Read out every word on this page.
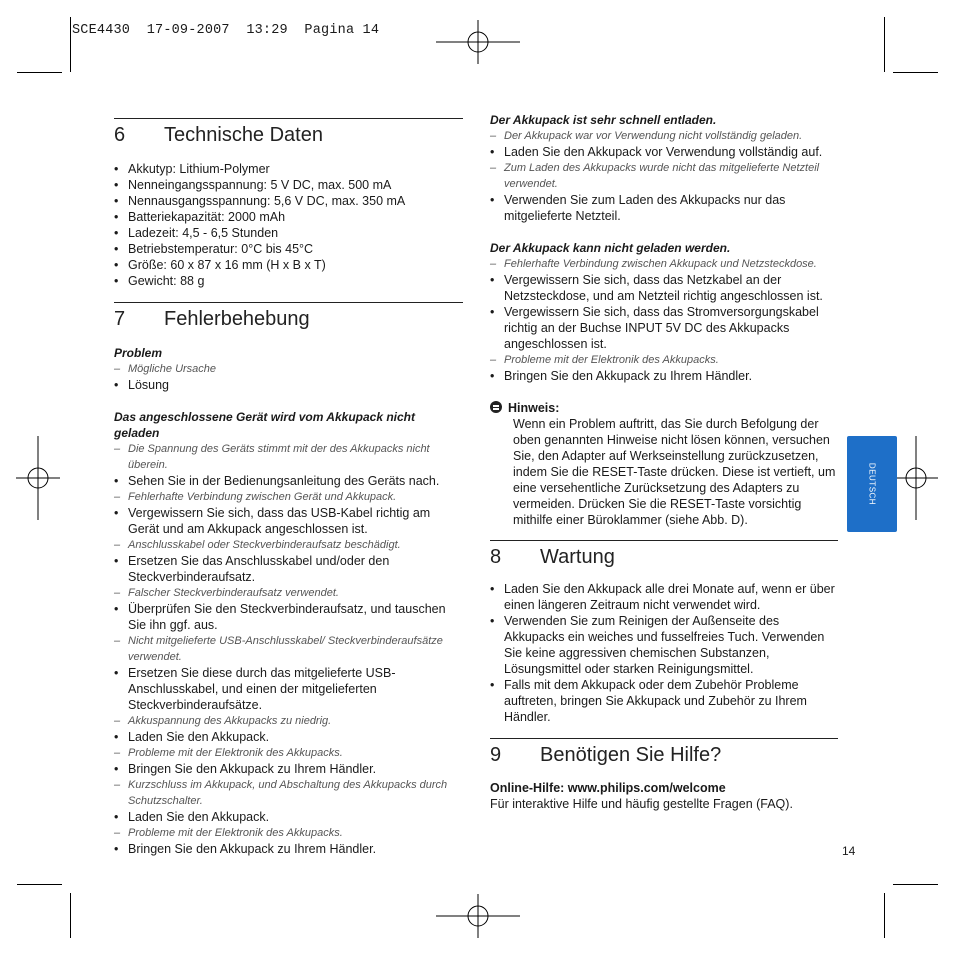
SCE4430  17-09-2007  13:29  Pagina 14
6	Technische Daten
• Akkutyp: Lithium-Polymer
• Nenneingangsspannung: 5 V DC, max. 500 mA
• Nennausgangsspannung: 5,6 V DC, max. 350 mA
• Batteriekapazität: 2000 mAh
• Ladezeit: 4,5 - 6,5 Stunden
• Betriebstemperatur: 0°C bis 45°C
• Größe: 60 x 87 x 16 mm (H x B x T)
• Gewicht: 88 g
7	Fehlerbehebung
Problem
– Mögliche Ursache
• Lösung
Das angeschlossene Gerät wird vom Akkupack nicht geladen
– Die Spannung des Geräts stimmt mit der des Akkupacks nicht überein.
• Sehen Sie in der Bedienungsanleitung des Geräts nach.
– Fehlerhafte Verbindung zwischen Gerät und Akkupack.
• Vergewissern Sie sich, dass das USB-Kabel richtig am Gerät und am Akkupack angeschlossen ist.
– Anschlusskabel oder Steckverbinderaufsatz beschädigt.
• Ersetzen Sie das Anschlusskabel und/oder den Steckverbinderaufsatz.
– Falscher Steckverbinderaufsatz verwendet.
• Überprüfen Sie den Steckverbinderaufsatz, und tauschen Sie ihn ggf. aus.
– Nicht mitgelieferte USB-Anschlusskabel/ Steckverbinderaufsätze verwendet.
• Ersetzen Sie diese durch das mitgelieferte USB-Anschlusskabel, und einen der mitgelieferten Steckverbinderaufsätze.
– Akkuspannung des Akkupacks zu niedrig.
• Laden Sie den Akkupack.
– Probleme mit der Elektronik des Akkupacks.
• Bringen Sie den Akkupack zu Ihrem Händler.
– Kurzschluss im Akkupack, und Abschaltung des Akkupacks durch Schutzschalter.
• Laden Sie den Akkupack.
– Probleme mit der Elektronik des Akkupacks.
• Bringen Sie den Akkupack zu Ihrem Händler.
Der Akkupack ist sehr schnell entladen.
– Der Akkupack war vor Verwendung nicht vollständig geladen.
• Laden Sie den Akkupack vor Verwendung vollständig auf.
– Zum Laden des Akkupacks wurde nicht das mitgelieferte Netzteil verwendet.
• Verwenden Sie zum Laden des Akkupacks nur das mitgelieferte Netzteil.
Der Akkupack kann nicht geladen werden.
– Fehlerhafte Verbindung zwischen Akkupack und Netzsteckdose.
• Vergewissern Sie sich, dass das Netzkabel an der Netzsteckdose, und am Netzteil richtig angeschlossen ist.
• Vergewissern Sie sich, dass das Stromversorgungskabel richtig an der Buchse INPUT 5V DC des Akkupacks angeschlossen ist.
– Probleme mit der Elektronik des Akkupacks.
• Bringen Sie den Akkupack zu Ihrem Händler.
Hinweis:
Wenn ein Problem auftritt, das Sie durch Befolgung der oben genannten Hinweise nicht lösen können, versuchen Sie, den Adapter auf Werkseinstellung zurückzusetzen, indem Sie die RESET-Taste drücken. Diese ist vertieft, um eine versehentliche Zurücksetzung des Adapters zu vermeiden. Drücken Sie die RESET-Taste vorsichtig mithilfe einer Büroklammer (siehe Abb. D).
8	Wartung
• Laden Sie den Akkupack alle drei Monate auf, wenn er über einen längeren Zeitraum nicht verwendet wird.
• Verwenden Sie zum Reinigen der Außenseite des Akkupacks ein weiches und fusselfreies Tuch. Verwenden Sie keine aggressiven chemischen Substanzen, Lösungsmittel oder starken Reinigungsmittel.
• Falls mit dem Akkupack oder dem Zubehör Probleme auftreten, bringen Sie Akkupack und Zubehör zu Ihrem Händler.
9	Benötigen Sie Hilfe?
Online-Hilfe: www.philips.com/welcome
Für interaktive Hilfe und häufig gestellte Fragen (FAQ).
DEUTSCH
14
